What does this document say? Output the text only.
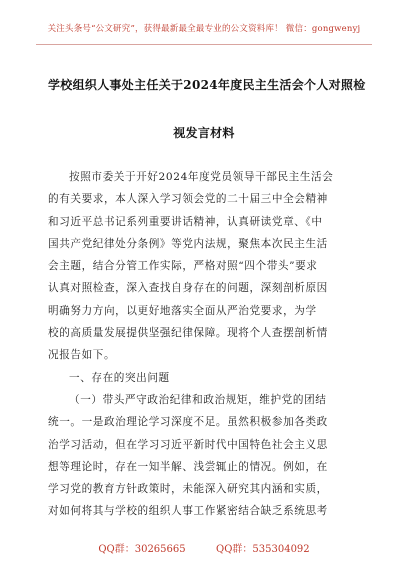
关注头条号“公文研究”，获得最新最全最专业的公文资料库！ 微信：gongwenyj
学校组织人事处主任关于2024年度民主生活会个人对照检
视发言材料
按照市委关于开好2024年度党员领导干部民主生活会
的有关要求，本人深入学习领会党的二十届三中全会精神
和习近平总书记系列重要讲话精神，认真研读党章、《中
国共产党纪律处分条例》等党内法规，聚焦本次民主生活
会主题，结合分管工作实际，严格对照“四个带头”要求
认真对照检查，深入查找自身存在的问题，深刻剖析原因
明确努力方向，以更好地落实全面从严治党要求，为学
校的高质量发展提供坚强纪律保障。现将个人查摆剖析情
况报告如下。
一、存在的突出问题
（一）带头严守政治纪律和政治规矩，维护党的团结
统一。一是政治理论学习深度不足。虽然积极参加各类政
治学习活动，但在学习习近平新时代中国特色社会主义思
想等理论时，存在一知半解、浅尝辄止的情况。例如，在
学习党的教育方针政策时，未能深入研究其内涵和实质，
对如何将其与学校的组织人事工作紧密结合缺乏系统思考
QQ群：30265665	QQ群：535304092
